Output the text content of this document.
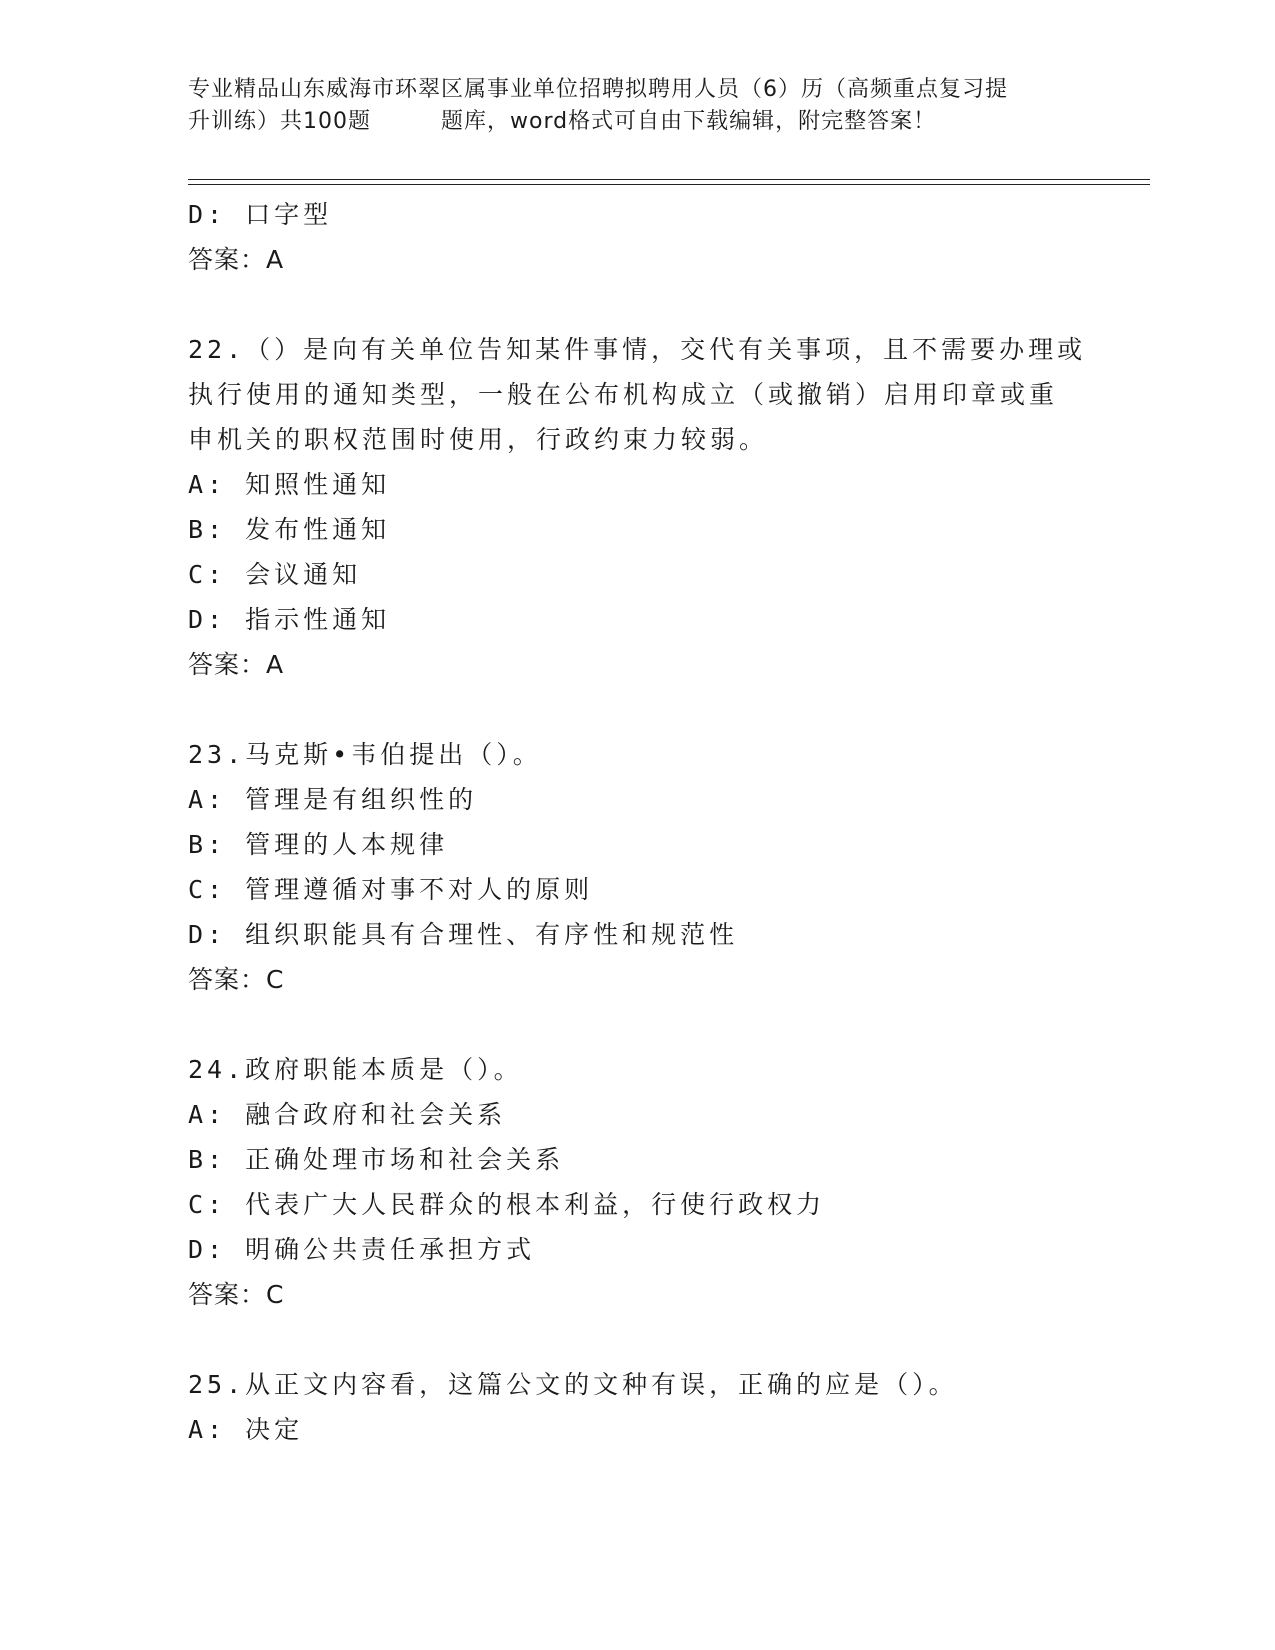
专业精品山东威海市环翠区属事业单位招聘拟聘用人员（6）历（高频重点复习提
升训练）共100题	题库，word格式可自由下载编辑，附完整答案！
D: 口字型
答案：A
22.（）是向有关单位告知某件事情，交代有关事项，且不需要办理或
执行使用的通知类型，一般在公布机构成立（或撤销）启用印章或重
申机关的职权范围时使用，行政约束力较弱。
A: 知照性通知
B: 发布性通知
C: 会议通知
D: 指示性通知
答案：A
23.马克斯•韦伯提出（）。
A: 管理是有组织性的
B: 管理的人本规律
C: 管理遵循对事不对人的原则
D: 组织职能具有合理性、有序性和规范性
答案：C
24.政府职能本质是（）。
A: 融合政府和社会关系
B: 正确处理市场和社会关系
C: 代表广大人民群众的根本利益，行使行政权力
D: 明确公共责任承担方式
答案：C
25.从正文内容看，这篇公文的文种有误，正确的应是（）。
A: 决定
